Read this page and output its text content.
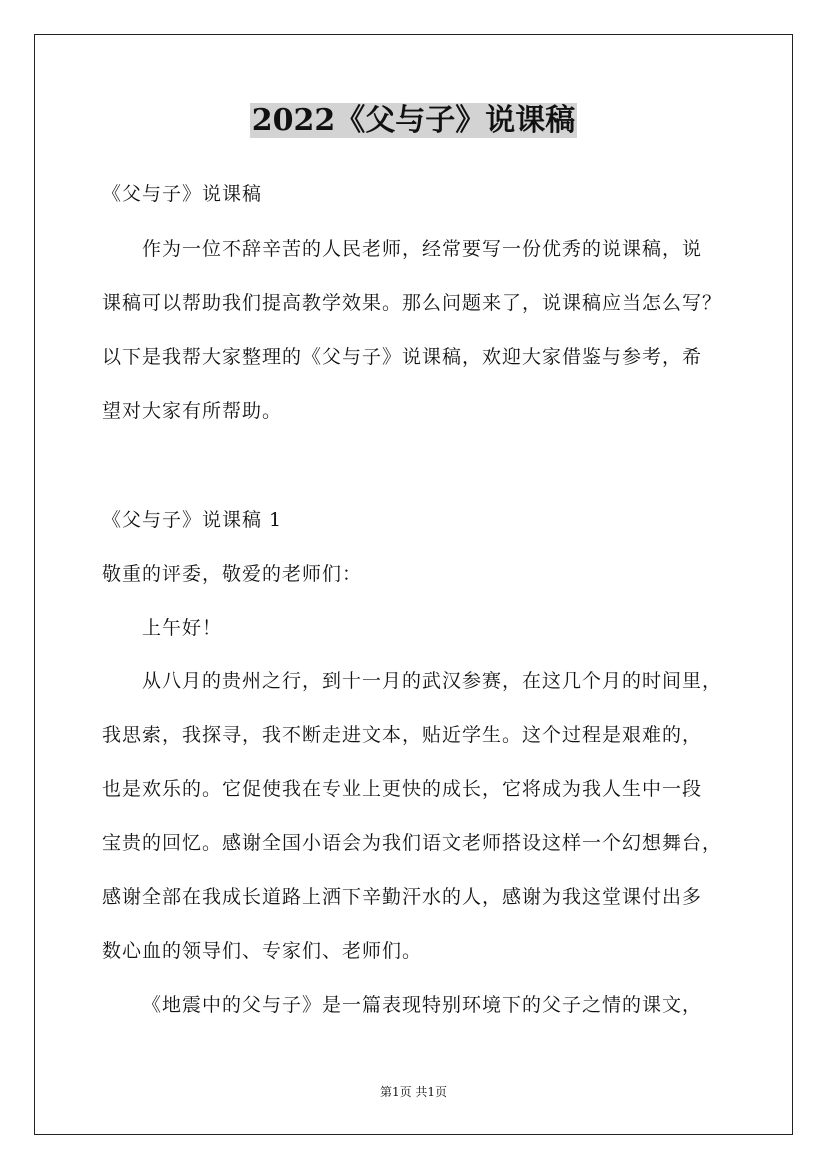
2022《父与子》说课稿
《父与子》说课稿
作为一位不辞辛苦的人民老师，经常要写一份优秀的说课稿，说
课稿可以帮助我们提高教学效果。那么问题来了，说课稿应当怎么写？
以下是我帮大家整理的《父与子》说课稿，欢迎大家借鉴与参考，希
望对大家有所帮助。
《父与子》说课稿 1
敬重的评委，敬爱的老师们：
上午好！
从八月的贵州之行，到十一月的武汉参赛，在这几个月的时间里，
我思索，我探寻，我不断走进文本，贴近学生。这个过程是艰难的，
也是欢乐的。它促使我在专业上更快的成长，它将成为我人生中一段
宝贵的回忆。感谢全国小语会为我们语文老师搭设这样一个幻想舞台，
感谢全部在我成长道路上洒下辛勤汗水的人，感谢为我这堂课付出多
数心血的领导们、专家们、老师们。
《地震中的父与子》是一篇表现特别环境下的父子之情的课文，
第1页 共1页
